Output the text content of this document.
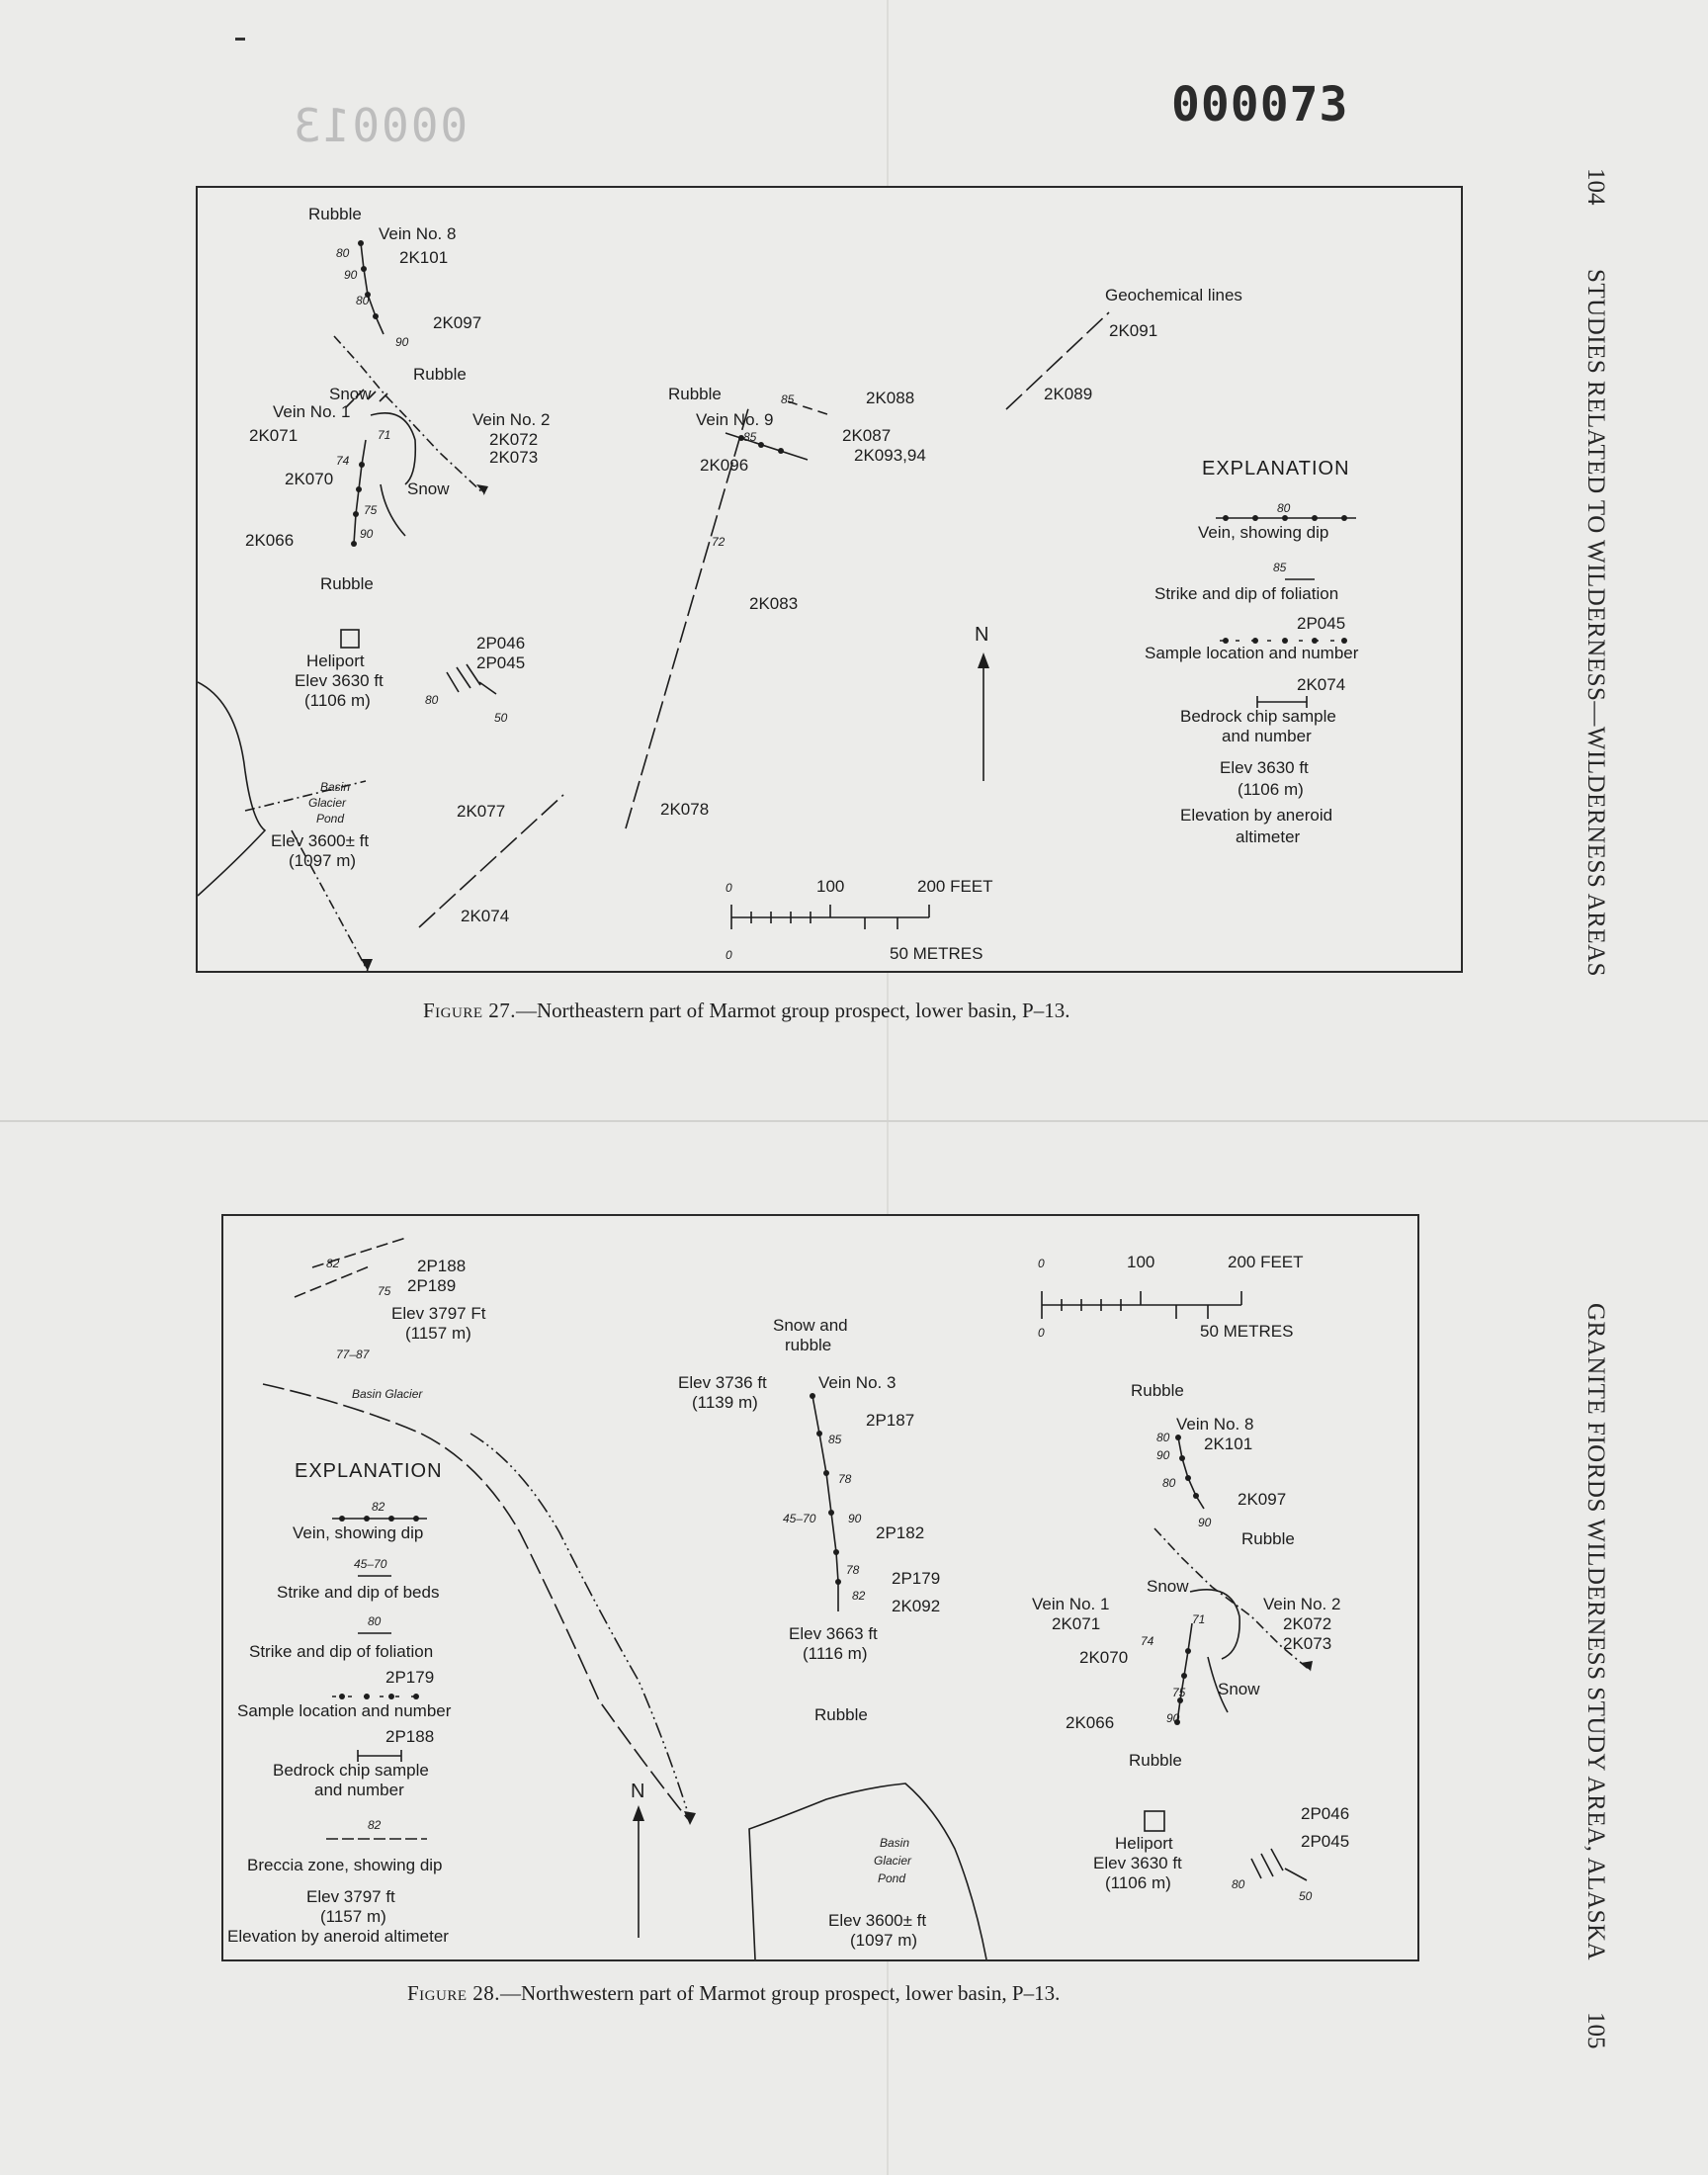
000013	000073
104
STUDIES RELATED TO WILDERNESS—WILDERNESS AREAS
GRANITE FIORDS WILDERNESS STUDY AREA, ALASKA
105
Rubble
Vein No. 8
2K101
2K097
Rubble
Snow
Vein No. 1	Vein No. 2
2K071	2K072
2K073
2K070
Snow
2K066
Rubble
Heliport
Elev 3630 ft
(1106 m)
2P046
2P045
Basin
Glacier
Pond
Elev 3600± ft
(1097 m)
2K077
2K074
2K078
2K083
Rubble
Vein No. 9
2K088
2K087
2K096
2K093,94
Geochemical lines
2K091
2K089
N
80
90
80
90
71
74
75
90
80
50
85
85
72
0	100	200 FEET
0	50 METRES
EXPLANATION
80
Vein, showing dip
85
Strike and dip of foliation
2P045
Sample location and number
2K074
Bedrock chip sample
and number
Elev 3630 ft
(1106 m)
Elevation by aneroid
altimeter
Figure 27.—Northeastern part of Marmot group prospect, lower basin, P–13.
2P188
2P189
Elev 3797 Ft
(1157 m)
Basin Glacier
Snow and
rubble
Elev 3736 ft
(1139 m)
Vein No. 3
2P187
2P182
2P179
2K092
Elev 3663 ft
(1116 m)
Rubble
Basin
Glacier
Pond
Elev 3600± ft
(1097 m)
Rubble
Vein No. 8
2K101
2K097
Rubble
Snow
Vein No. 1	Vein No. 2
2K071	2K072
2K073
2K070
Snow
2K066
Rubble
Heliport
Elev 3630 ft
(1106 m)
2P046
2P045
N
82
75
77–87
85
78
45–70	90
78
82
80
90
80
90
71
74
75
90
80
50
0	100	200 FEET
0	50 METRES
EXPLANATION
82
Vein, showing dip
45–70
Strike and dip of beds
80
Strike and dip of foliation
2P179
Sample location and number
2P188
Bedrock chip sample
and number
82
Breccia zone, showing dip
Elev 3797 ft
(1157 m)
Elevation by aneroid altimeter
Figure 28.—Northwestern part of Marmot group prospect, lower basin, P–13.
